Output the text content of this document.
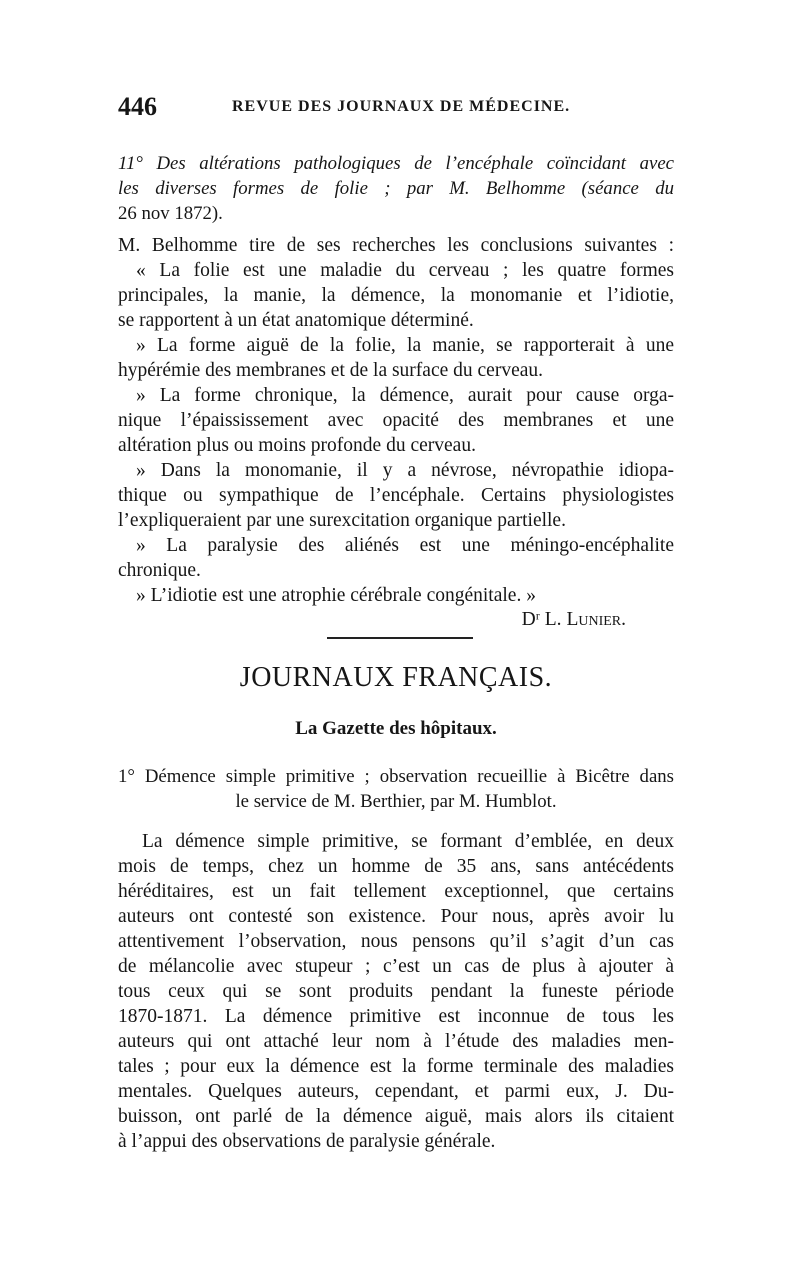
446	REVUE DES JOURNAUX DE MÉDECINE.
11° Des altérations pathologiques de l’encéphale coïncidant avec
les diverses formes de folie ; par M. Belhomme (séance du
26 nov 1872).
M. Belhomme tire de ses recherches les conclusions suivantes :
« La folie est une maladie du cerveau ; les quatre formes
principales, la manie, la démence, la monomanie et l’idiotie,
se rapportent à un état anatomique déterminé.
» La forme aiguë de la folie, la manie, se rapporterait à une
hypérémie des membranes et de la surface du cerveau.
» La forme chronique, la démence, aurait pour cause orga-
nique l’épaississement avec opacité des membranes et une
altération plus ou moins profonde du cerveau.
» Dans la monomanie, il y a névrose, névropathie idiopa-
thique ou sympathique de l’encéphale. Certains physiologistes
l’expliqueraient par une surexcitation organique partielle.
» La paralysie des aliénés est une méningo-encéphalite
chronique.
» L’idiotie est une atrophie cérébrale congénitale. »
Dʳ L. Lunier.
JOURNAUX FRANÇAIS.
La Gazette des hôpitaux.
1° Démence simple primitive ; observation recueillie à Bicêtre dans
le service de M. Berthier, par M. Humblot.
La démence simple primitive, se formant d’emblée, en deux
mois de temps, chez un homme de 35 ans, sans antécédents
héréditaires, est un fait tellement exceptionnel, que certains
auteurs ont contesté son existence. Pour nous, après avoir lu
attentivement l’observation, nous pensons qu’il s’agit d’un cas
de mélancolie avec stupeur ; c’est un cas de plus à ajouter à
tous ceux qui se sont produits pendant la funeste période
1870-1871. La démence primitive est inconnue de tous les
auteurs qui ont attaché leur nom à l’étude des maladies men-
tales ; pour eux la démence est la forme terminale des maladies
mentales. Quelques auteurs, cependant, et parmi eux, J. Du-
buisson, ont parlé de la démence aiguë, mais alors ils citaient
à l’appui des observations de paralysie générale.
